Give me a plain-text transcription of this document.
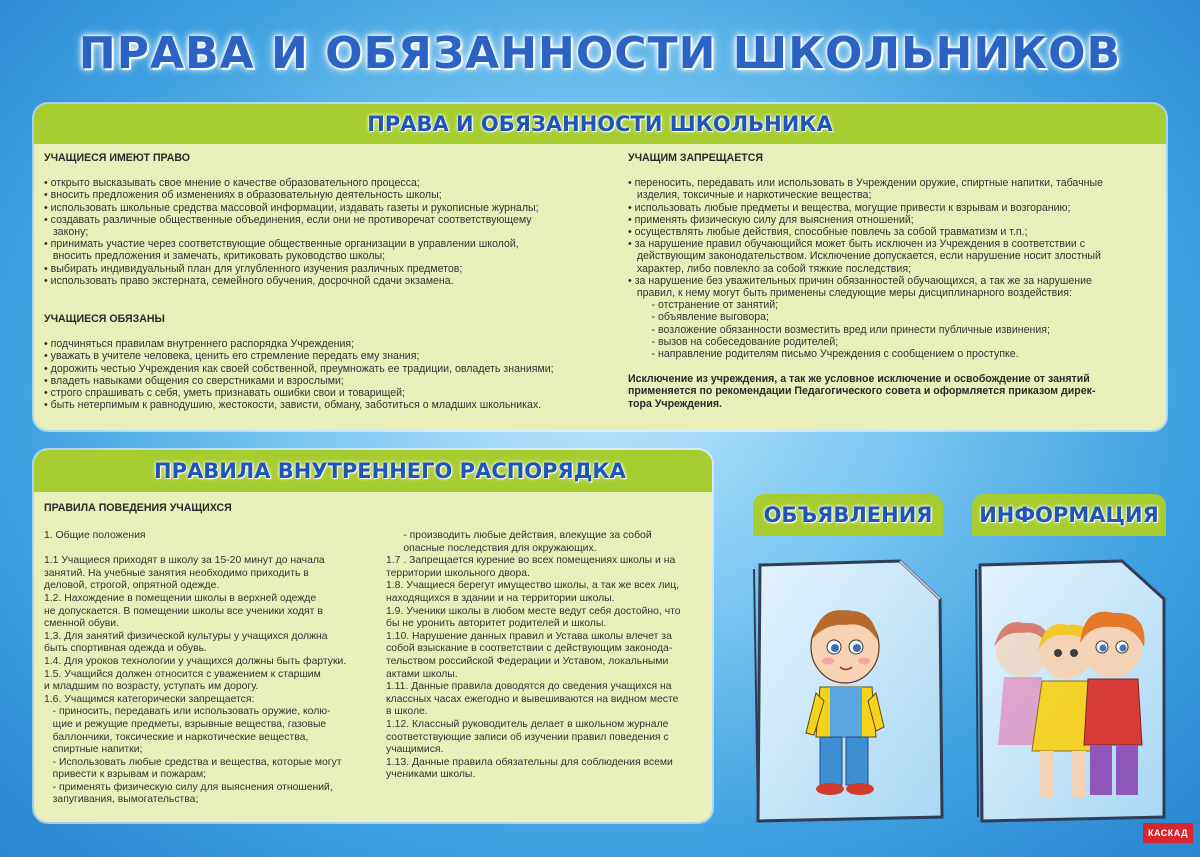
ПРАВА И ОБЯЗАННОСТИ ШКОЛЬНИКОВ
ПРАВА И ОБЯЗАННОСТИ ШКОЛЬНИКА
УЧАЩИЕСЯ ИМЕЮТ ПРАВО
• открыто высказывать свое мнение о качестве образовательного процесса;
• вносить предложения об изменениях в образовательную деятельность школы;
• использовать школьные средства массовой информации, издавать газеты и рукописные журналы;
• создавать различные общественные объединения, если они не противоречат соответствующему
закону;
• принимать участие через соответствующие общественные организации в управлении школой,
вносить предложения и замечать, критиковать руководство школы;
• выбирать индивидуальный план для углубленного изучения различных предметов;
• использовать право экстерната, семейного обучения, досрочной сдачи экзамена.
УЧАЩИЕСЯ ОБЯЗАНЫ
• подчиняться правилам внутреннего распорядка Учреждения;
• уважать в учителе человека, ценить его стремление передать ему знания;
• дорожить честью Учреждения как своей собственной, преумножать ее традиции, овладеть знаниями;
• владеть навыками общения со сверстниками и взрослыми;
• строго спрашивать с себя, уметь признавать ошибки свои и товарищей;
• быть нетерпимым к равнодушию, жестокости, зависти, обману, заботиться о младших школьниках.
УЧАЩИМ ЗАПРЕЩАЕТСЯ
• переносить, передавать или использовать в Учреждении оружие, спиртные напитки, табачные
изделия, токсичные и наркотические вещества;
• использовать любые предметы и вещества, могущие привести к взрывам и возгоранию;
• применять физическую силу для выяснения отношений;
• осуществлять любые действия, способные повлечь за собой травматизм и т.п.;
• за нарушение правил обучающийся может быть исключен из Учреждения в соответствии с
действующим законодательством. Исключение допускается, если нарушение носит злостный
характер, либо повлекло за собой тяжкие последствия;
• за нарушение без уважительных причин обязанностей обучающихся, а так же за нарушение
правил, к нему могут быть применены следующие меры дисциплинарного воздействия:
- отстранение от занятий;
- объявление выговора;
- возложение обязанности возместить вред или принести публичные извинения;
- вызов на собеседование родителей;
- направление родителям письмо Учреждения с сообщением о проступке.
Исключение из учреждения, а так же условное исключение и освобождение от занятий
применяется по рекомендации Педагогического совета и оформляется приказом дирек-
тора Учреждения.
ПРАВИЛА ВНУТРЕННЕГО РАСПОРЯДКА
ПРАВИЛА ПОВЕДЕНИЯ УЧАЩИХСЯ
1. Общие положения

1.1 Учащиеся приходят в школу за 15-20 минут до начала
занятий. На учебные занятия необходимо приходить в
деловой, строгой, опрятной одежде.
1.2. Нахождение в помещении школы в верхней одежде
не допускается. В помещении школы все ученики ходят в
сменной обуви.
1.3. Для занятий физической культуры у учащихся должна
быть спортивная одежда и обувь.
1.4. Для уроков технологии у учащихся должны быть фартуки.
1.5. Учащийся должен относится с уважением к старшим
и младшим по возрасту, уступать им дорогу.
1.6. Учащимся категорически запрещается:
- приносить, передавать или использовать оружие, колю-
щие и режущие предметы, взрывные вещества, газовые
баллончики, токсические и наркотические вещества,
спиртные напитки;
- Использовать любые средства и вещества, которые могут
привести к взрывам и пожарам;
- применять физическую силу для выяснения отношений,
запугивания, вымогательства;
- производить любые действия, влекущие за собой
опасные последствия для окружающих.
1.7 . Запрещается курение во всех помещениях школы и на
территории школьного двора.
1.8. Учащиеся берегут имущество школы, а так же всех лиц,
находящихся в здании и на территории школы.
1.9. Ученики школы в любом месте ведут себя достойно, что
бы не уронить авторитет родителей и школы.
1.10. Нарушение данных правил и Устава школы влечет за
собой взыскание в соответствии с действующим законода-
тельством российской Федерации и Уставом, локальными
актами школы.
1.11. Данные правила доводятся до сведения учащихся на
классных часах ежегодно и вывешиваются на видном месте
в школе.
1.12. Классный руководитель делает в школьном журнале
соответствующие записи об изучении правил поведения с
учащимися.
1.13. Данные правила обязательны для соблюдения всеми
учениками школы.
ОБЪЯВЛЕНИЯ	ИНФОРМАЦИЯ
КАСКАД
